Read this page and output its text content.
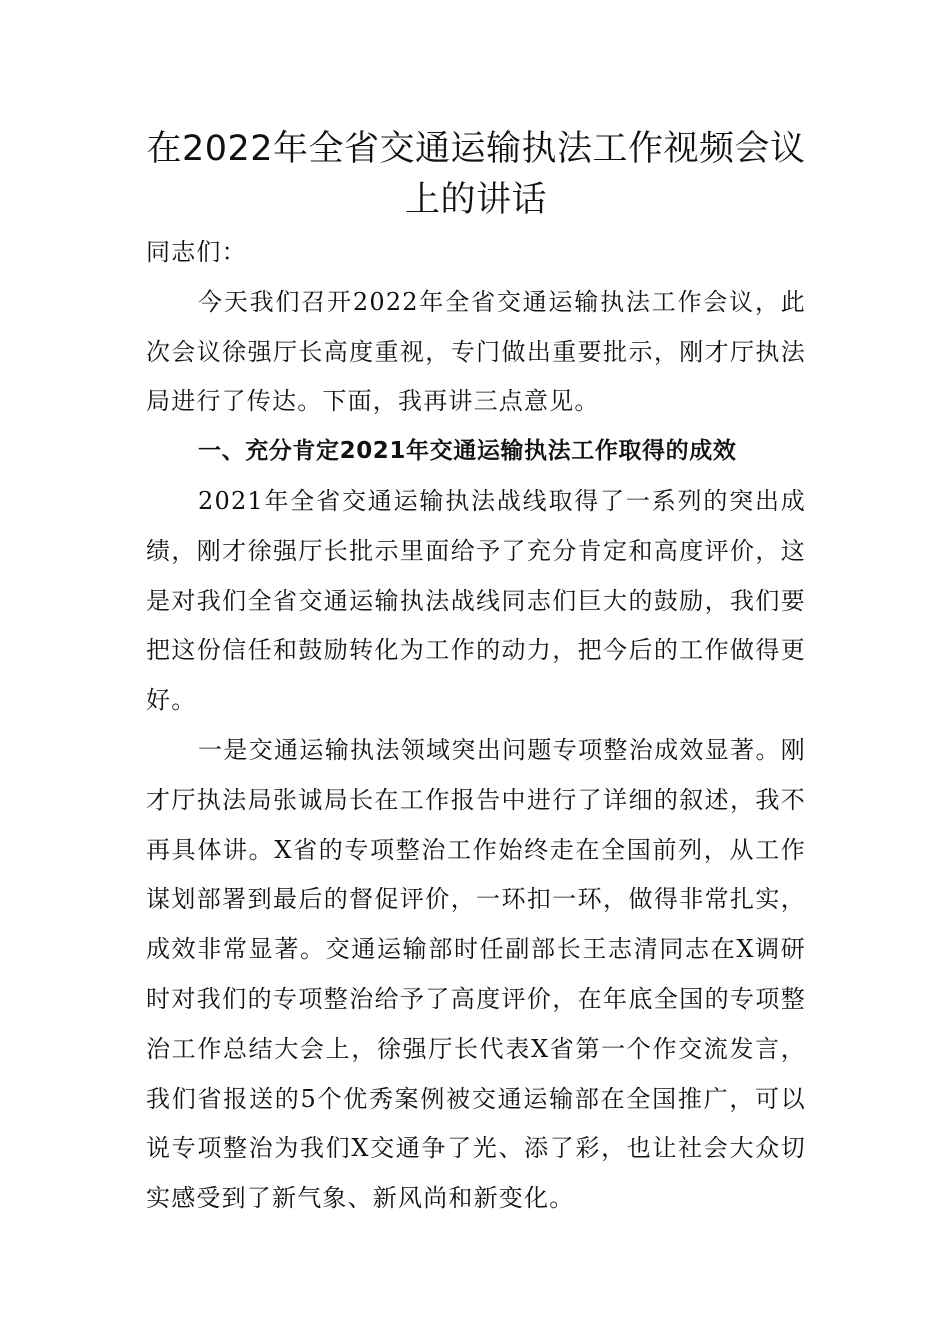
在2022年全省交通运输执法工作视频会议
上的讲话

同志们：

今天我们召开2022年全省交通运输执法工作会议，此次会议徐强厅长高度重视，专门做出重要批示，刚才厅执法局进行了传达。下面，我再讲三点意见。

一、充分肯定2021年交通运输执法工作取得的成效

2021年全省交通运输执法战线取得了一系列的突出成绩，刚才徐强厅长批示里面给予了充分肯定和高度评价，这是对我们全省交通运输执法战线同志们巨大的鼓励，我们要把这份信任和鼓励转化为工作的动力，把今后的工作做得更好。

一是交通运输执法领域突出问题专项整治成效显著。刚才厅执法局张诚局长在工作报告中进行了详细的叙述，我不再具体讲。X省的专项整治工作始终走在全国前列，从工作谋划部署到最后的督促评价，一环扣一环，做得非常扎实，成效非常显著。交通运输部时任副部长王志清同志在X调研时对我们的专项整治给予了高度评价，在年底全国的专项整治工作总结大会上，徐强厅长代表X省第一个作交流发言，我们省报送的5个优秀案例被交通运输部在全国推广，可以说专项整治为我们X交通争了光、添了彩，也让社会大众切实感受到了新气象、新风尚和新变化。
